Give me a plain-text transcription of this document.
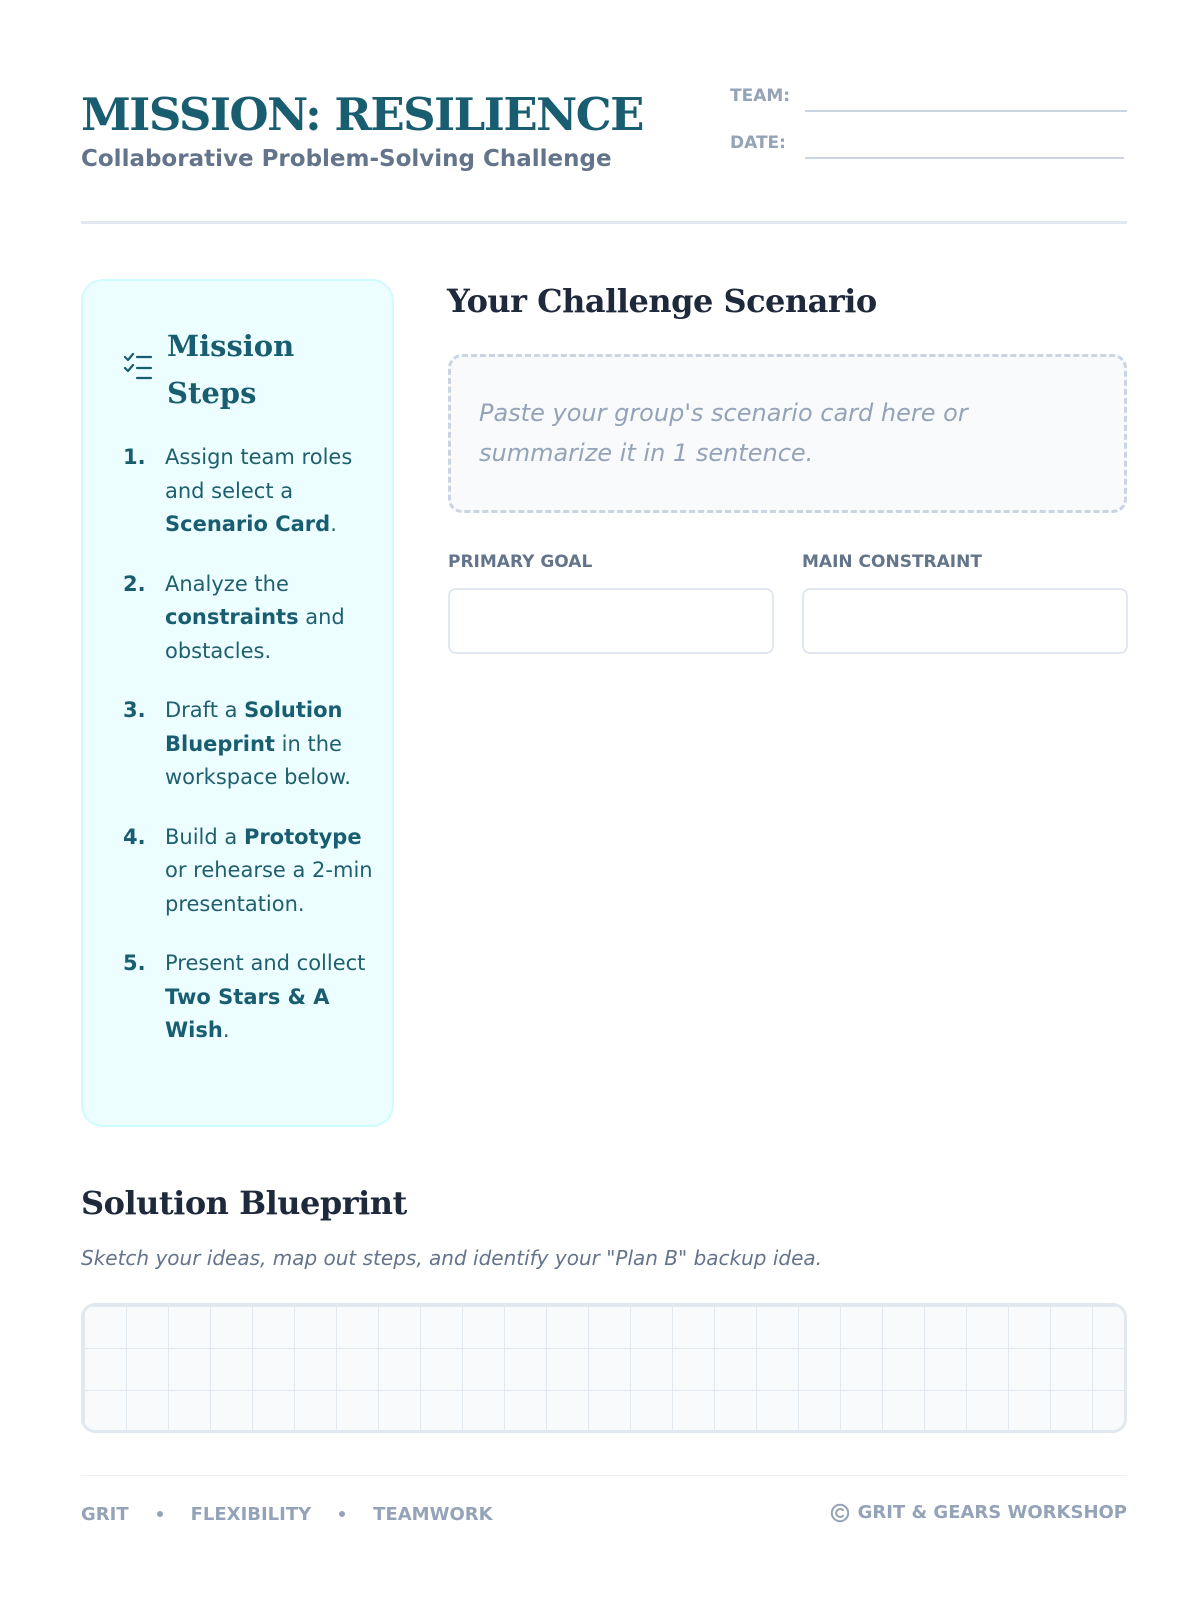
MISSION: RESILIENCE
Collaborative Problem-Solving Challenge
TEAM:
DATE:
Mission Steps
1. Assign team roles and select a Scenario Card.
2. Analyze the constraints and obstacles.
3. Draft a Solution Blueprint in the workspace below.
4. Build a Prototype or rehearse a 2-min presentation.
5. Present and collect Two Stars & A Wish.
Your Challenge Scenario
Paste your group's scenario card here or summarize it in 1 sentence.
PRIMARY GOAL	MAIN CONSTRAINT
Solution Blueprint
Sketch your ideas, map out steps, and identify your "Plan B" backup idea.
GRIT	FLEXIBILITY	TEAMWORK	GRIT & GEARS WORKSHOP
